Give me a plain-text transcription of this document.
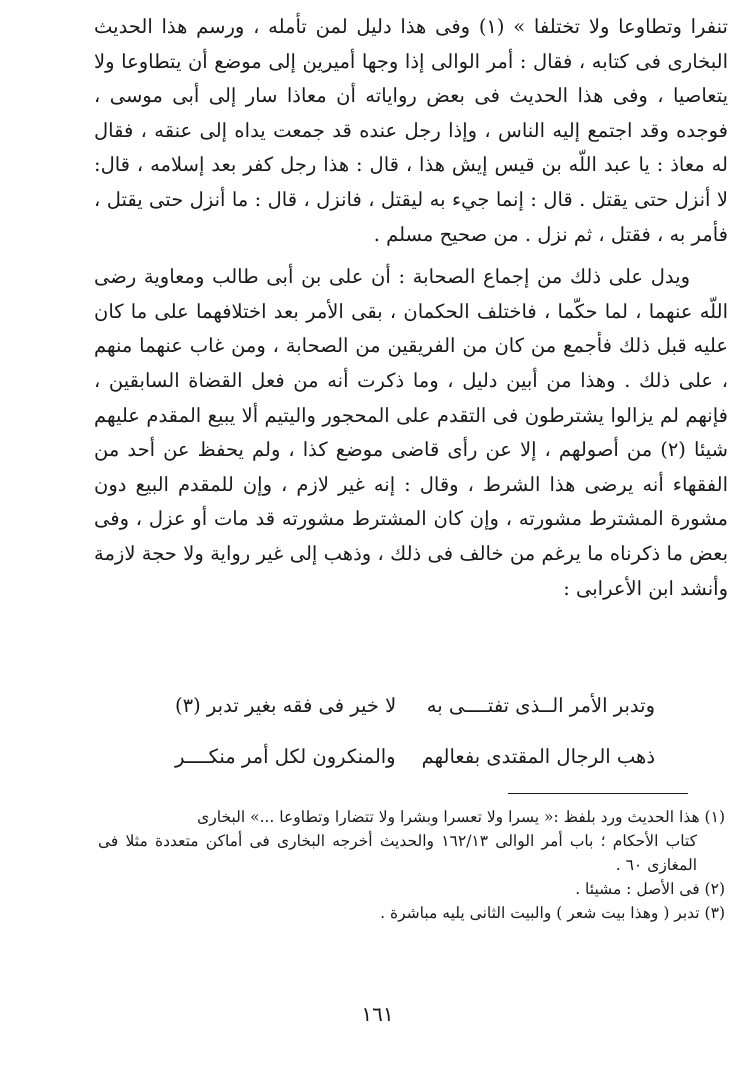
تنفرا وتطاوعا ولا تختلفا » (١) وفى هذا دليل لمن تأمله ، ورسم هذا الحديث البخارى فى كتابه ، فقال : أمر الوالى إذا وجها أميرين إلى موضع أن يتطاوعا ولا يتعاصيا ، وفى هذا الحديث فى بعض رواياته أن معاذا سار إلى أبى موسى ، فوجده وقد اجتمع إليه الناس ، وإذا رجل عنده قد جمعت يداه إلى عنقه ، فقال له معاذ : يا عبد اللّه بن قيس إيش هذا ، قال : هذا رجل كفر بعد إسلامه ، قال: لا أنزل حتى يقتل . قال : إنما جيء به ليقتل ، فانزل ، قال : ما أنزل حتى يقتل ، فأمر به ، فقتل ، ثم نزل . من صحيح مسلم .

ويدل على ذلك من إجماع الصحابة : أن على بن أبى طالب ومعاوية رضى اللّه عنهما ، لما حكّما ، فاختلف الحكمان ، بقى الأمر بعد اختلافهما على ما كان عليه قبل ذلك فأجمع من كان من الفريقين من الصحابة ، ومن غاب عنهما منهم ، على ذلك . وهذا من أبين دليل ، وما ذكرت أنه من فعل القضاة السابقين ، فإنهم لم يزالوا يشترطون فى التقدم على المحجور واليتيم ألا يبيع المقدم عليهم شيئا (٢) من أصولهم ، إلا عن رأى قاضى موضع كذا ، ولم يحفظ عن أحد من الفقهاء أنه يرضى هذا الشرط ، وقال : إنه غير لازم ، وإن للمقدم البيع دون مشورة المشترط مشورته ، وإن كان المشترط مشورته قد مات أو عزل ، وفى بعض ما ذكرناه ما يرغم من خالف فى ذلك ، وذهب إلى غير رواية ولا حجة لازمة وأنشد ابن الأعرابى :

وتدبر الأمر الــذى تفتــــى به
لا خير فى فقه بغير تدبر (٣)
ذهب الرجال المقتدى بفعالهم
والمنكرون لكل أمر منكــــر

(١) هذا الحديث ورد بلفظ :« يسرا ولا تعسرا وبشرا ولا تتضارا وتطاوعا ...» البخارى

كتاب الأحكام ؛ باب أمر الوالى ١٦٢/١٣ والحديث أخرجه البخارى فى أماكن متعددة مثلا فى المغازى ٦٠ .

(٢) فى الأصل : مشيئا .

(٣) تدبر ( وهذا بيت شعر ) والبيت الثانى يليه مباشرة .

١٦١
